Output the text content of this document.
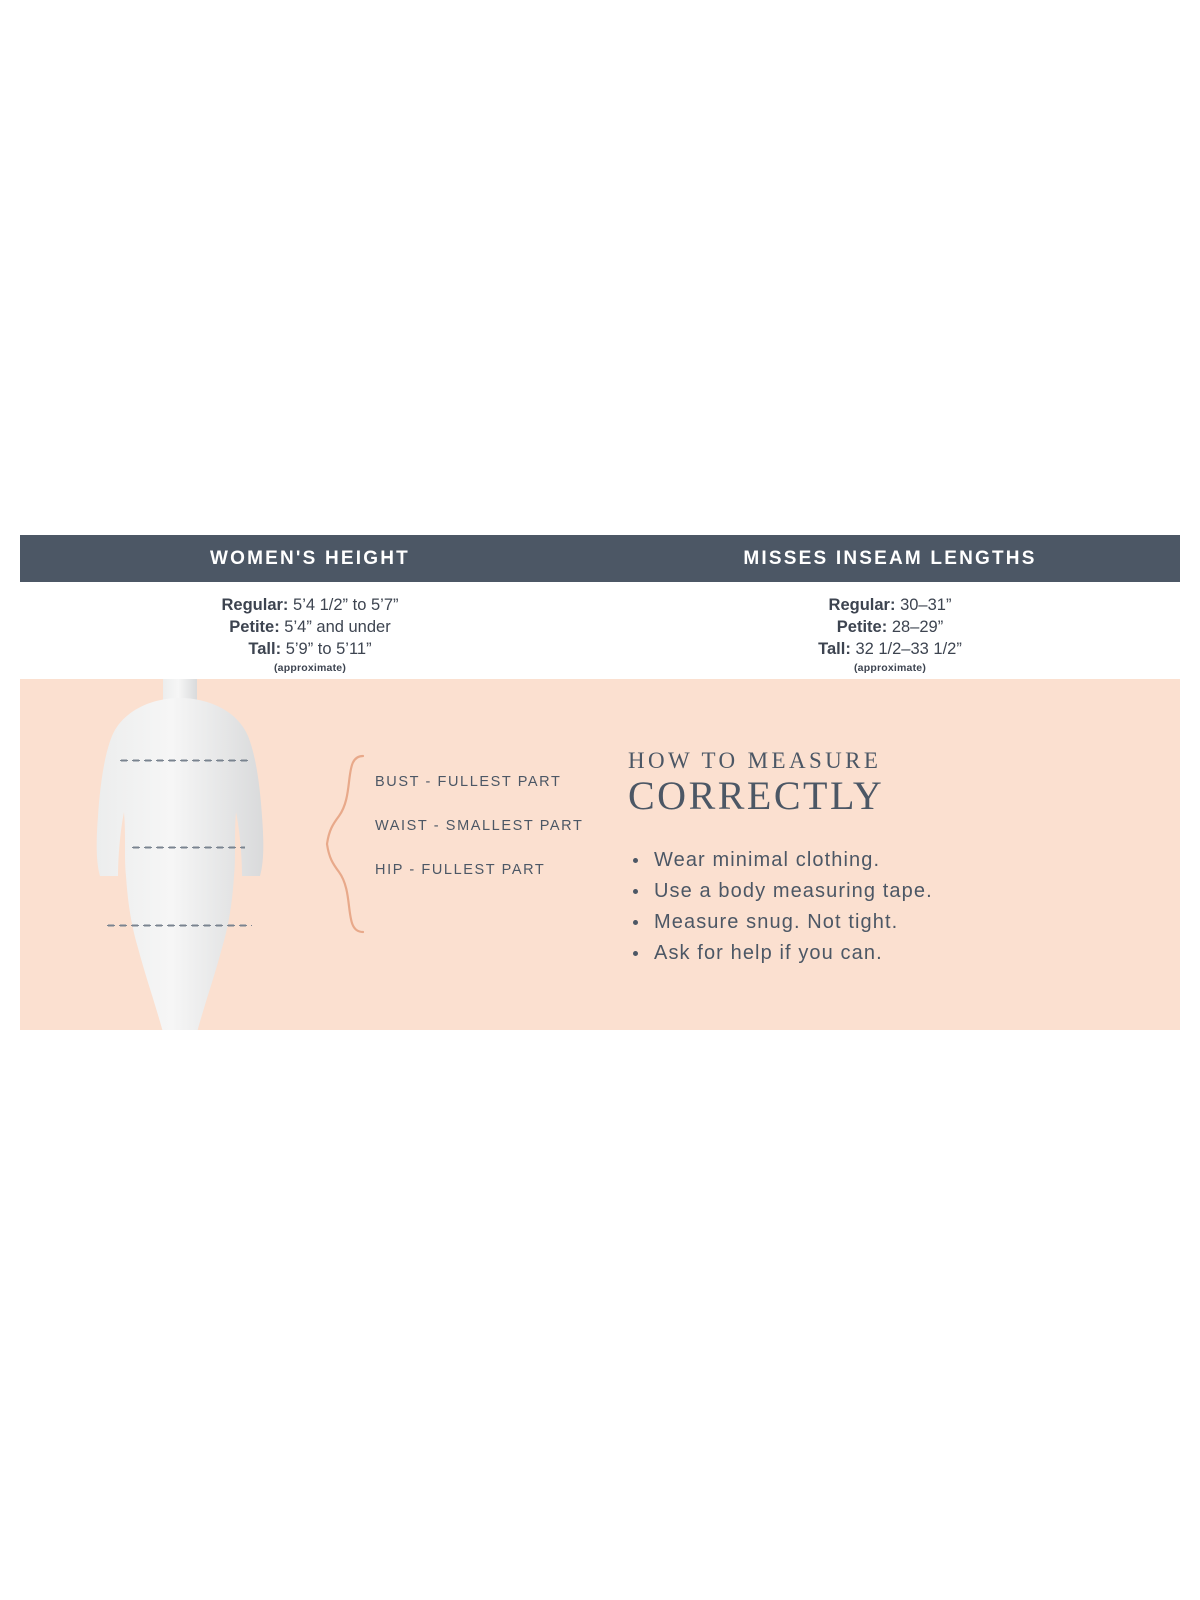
WOMEN'S HEIGHT	MISSES INSEAM LENGTHS
Regular: 5’4 1/2” to 5’7”
Petite: 5’4” and under
Tall: 5’9” to 5’11”
(approximate)
Regular: 30–31”
Petite: 28–29”
Tall: 32 1/2–33 1/2”
(approximate)
BUST - FULLEST PART
WAIST - SMALLEST PART
HIP - FULLEST PART
HOW TO MEASURE
CORRECTLY
Wear minimal clothing.
Use a body measuring tape.
Measure snug. Not tight.
Ask for help if you can.
